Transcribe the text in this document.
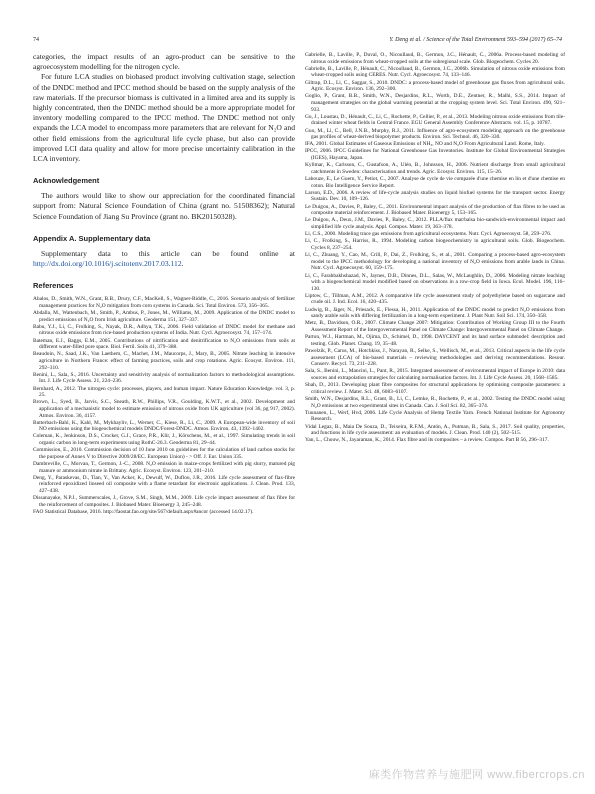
74	Y. Deng et al. / Science of the Total Environment 593–594 (2017) 65–74

categories, the impact results of an agro-product can be sensitive to the agroecosystem modelling for the nitrogen cycle.

For future LCA studies on biobased product involving cultivation stage, selection of the DNDC method and IPCC method should be based on the supply analysis of the raw materials. If the precursor biomass is cultivated in a limited area and its supply is highly concentrated, then the DNDC method should be a more appropriate model for inventory modelling compared to the IPCC method. The DNDC method not only expands the LCA model to encompass more parameters that are relevant for N₂O and other field emissions from the agricultural life cycle phase, but also can provide improved LCI data quality and allow for more precise uncertainty calibration in the LCA inventory.

Acknowledgement

The authors would like to show our appreciation for the coordinated financial support from: Natural Science Foundation of China (grant no. 51508362); Natural Science Foundation of Jiang Su Province (grant no. BK20150328).

Appendix A. Supplementary data

Supplementary data to this article can be found online at http://dx.doi.org/10.1016/j.scitotenv.2017.03.112.

References

Abalos, D., Smith, W.N., Grant, B.B., Drury, C.F., MacKell, S., Wagner-Riddle, C., 2016. Scenario analysis of fertilizer management practices for N₂O mitigation from corn systems in Canada. Sci. Total Environ. 573, 356–365.

Abdalla, M., Wattenbach, M., Smith, P., Ambus, P., Jones, M., Williams, M., 2009. Application of the DNDC model to predict emissions of N₂O from Irish agriculture. Geoderma 151, 327–337.

Babu, Y.J., Li, C., Frolking, S., Nayak, D.R., Adhya, T.K., 2006. Field validation of DNDC model for methane and nitrous oxide emissions from rice-based production systems of India. Nutr. Cycl. Agroecosyst. 74, 157–174.

Bateman, E.J., Baggs, E.M., 2005. Contributions of nitrification and denitrification to N₂O emissions from soils at different water-filled pore space. Biol. Fertil. Soils 41, 379–388.

Beaudoin, N., Saad, J.K., Van Laethem, C., Machet, J.M., Maucorps, J., Mary, B., 2005. Nitrate leaching in intensive agriculture in Northern France: effect of farming practices, soils and crop rotations. Agric. Ecosyst. Environ. 111, 292–310.

Benini, L., Sala, S., 2016. Uncertainty and sensitivity analysis of normalization factors to methodological assumptions. Int. J. Life Cycle Assess. 21, 224–236.

Bernhard, A., 2012. The nitrogen cycle: processes, players, and human impact. Nature Education Knowledge. vol. 3, p. 25.

Brown, L., Syed, B., Jarvis, S.C., Sneath, R.W., Phillips, V.R., Goulding, K.W.T., et al., 2002. Development and application of a mechanistic model to estimate emission of nitrous oxide from UK agriculture (vol 36, pg 917, 2002). Atmos. Environ. 36, 4157.

Butterbach-Bahl, K., Kahl, M., Mykhayliv, L., Werner, C., Kiese, R., Li, C., 2009. A European-wide inventory of soil NO emissions using the biogeochemical models DNDC/Forest-DNDC. Atmos. Environ. 43, 1392–1402.

Coleman, K., Jenkinson, D.S., Crocker, G.J., Grace, P.R., Klír, J., Körschens, M., et al., 1997. Simulating trends in soil organic carbon in long-term experiments using RothC-26.3. Geoderma 81, 29–44.

Commission, E., 2010. Commission decision of 10 June 2010 on guidelines for the calculation of land carbon stocks for the purpose of Annex V to Directive 2009/28/EC. European Union) - > Off. J. Eur. Union 335.

Dambreville, C., Morvan, T., Germon, J.-C., 2008. N₂O emission in maize-crops fertilized with pig slurry, matured pig manure or ammonium nitrate in Brittany. Agric. Ecosyst. Environ. 123, 201–210.

Deng, Y., Paraskevas, D., Tian, Y., Van Acker, K., Dewulf, W., Duflou, J.R., 2016. Life cycle assessment of flax-fibre reinforced epoxidized linseed oil composite with a flame retardant for electronic applications. J. Clean. Prod. 133, 427–438.

Dissanayake, N.P.J., Summerscales, J., Grove, S.M., Singh, M.M., 2009. Life cycle impact assessment of flax fibre for the reinforcement of composites. J. Biobased Mater. Bioenergy 3, 245–248.

FAO Statistical Database, 2016. http://faostat.fao.org/site/567/default.aspx#ancor (accessed 14.02.17).

Gabrielle, B., Laville, P., Duval, O., Nicoullaud, B., Germon, J.C., Hénault, C., 2006a. Process-based modeling of nitrous oxide emissions from wheat-cropped soils at the subregional scale. Glob. Biogeochem. Cycles 20.

Gabrielle, B., Laville, P., Hénault, C., Nicoullaud, B., Germon, J.C., 2006b. Simulation of nitrous oxide emissions from wheat-cropped soils using CERES. Nutr. Cycl. Agroecosyst. 74, 133–146.

Giltrap, D.L., Li, C., Saggar, S., 2010. DNDC: a process-based model of greenhouse gas fluxes from agricultural soils. Agric. Ecosyst. Environ. 136, 292–300.

Goglio, P., Grant, B.B., Smith, W.N., Desjardins, R.L., Worth, D.E., Zentner, R., Malhi, S.S., 2014. Impact of management strategies on the global warming potential at the cropping system level. Sci. Total Environ. 490, 921–933.

Gu, J., Loustau, D., Hénault, C., Li, C., Rochette, P., Cellier, P., et al., 2013. Modeling nitrous oxide emissions from tile-drained winter wheat fields in Central France. EGU General Assembly Conference Abstracts. vol. 15, p. 10787.

Guo, M., Li, C., Bell, J.N.B., Murphy, R.J., 2011. Influence of agro-ecosystem modeling approach on the greenhouse gas profiles of wheat-derived biopolymer products. Environ. Sci. Technol. 46, 320–330.

IFA, 2001. Global Estimates of Gaseous Emissions of NH₃, NO and N₂O From Agricultural Land. Rome, Italy.

IPCC, 2006. IPCC Guidelines for National Greenhouse Gas Inventories. Institute for Global Environmental Strategies (IGES), Hayama, Japan.

Kyllmar, K., Carlsson, C., Gustafson, A., Ulén, B., Johnsson, H., 2006. Nutrient discharge from small agricultural catchments in Sweden: characterisation and trends. Agric. Ecosyst. Environ. 115, 15–26.

Labouze, E., Le Guern, Y., Petiot, C., 2007. Analyse de cycle de vie comparée d'une chemise en lin et d'une chemise en coton. Bio Intelligence Service Report.

Larson, E.D., 2006. A review of life-cycle analysis studies on liquid biofuel systems for the transport sector. Energy Sustain. Dev. 10, 109–126.

Le Duigou, A., Davies, P., Baley, C., 2011. Environmental impact analysis of the production of flax fibres to be used as composite material reinforcement. J. Biobased Mater. Bioenergy 5, 153–165.

Le Duigou, A., Deux, J.M., Davies, P., Baley, C., 2012. PLLA/flax mat/balsa bio-sandwich-environmental impact and simplified life cycle analysis. Appl. Compos. Mater. 19, 363–378.

Li, C.S., 2000. Modeling trace gas emissions from agricultural ecosystems. Nutr. Cycl. Agroecosyst. 58, 259–276.

Li, C., Frolking, S., Harriss, R., 1994. Modeling carbon biogeochemistry in agricultural soils. Glob. Biogeochem. Cycles 8, 237–254.

Li, C., Zhuang, Y., Cao, M., Crill, P., Dai, Z., Frolking, S., et al., 2001. Comparing a process-based agro-ecosystem model to the IPCC methodology for developing a national inventory of N₂O emissions from arable lands in China. Nutr. Cycl. Agroecosyst. 60, 159–175.

Li, C., Farahbakhshazad, N., Jaynes, D.B., Dinnes, D.L., Salas, W., McLaughlin, D., 2006. Modeling nitrate leaching with a biogeochemical model modified based on observations in a row-crop field in Iowa. Ecol. Model. 196, 116–130.

Liptow, C., Tillman, A.M., 2012. A comparative life cycle assessment study of polyethylene based on sugarcane and crude oil. J. Ind. Ecol. 16, 420–435.

Ludwig, B., Jäger, N., Priesack, E., Flessa, H., 2011. Application of the DNDC model to predict N₂O emissions from sandy arable soils with differing fertilization in a long-term experiment. J. Plant Nutr. Soil Sci. 174, 350–358.

Metz, B., Davidson, O.R., 2007. Climate Change 2007: Mitigation: Contribution of Working Group III to the Fourth Assessment Report of the Intergovernmental Panel on Climate Change: Intergovernmental Panel on Climate Change.

Parton, W.J., Hartman, M., Ojima, D., Schimel, D., 1998. DAYCENT and its land surface submodel: description and testing. Glob. Planet. Chang. 19, 35–48.

Pawelzik, P., Carus, M., Hotchkiss, J., Narayan, R., Selke, S., Wellisch, M., et al., 2013. Critical aspects in the life cycle assessment (LCA) of bio-based materials – reviewing methodologies and deriving recommendations. Resour. Conserv. Recycl. 73, 211–228.

Sala, S., Benini, L., Mancini, L., Pant, R., 2015. Integrated assessment of environmental impact of Europe in 2010: data sources and extrapolation strategies for calculating normalisation factors. Int. J. Life Cycle Assess. 20, 1568–1585.

Shah, D., 2013. Developing plant fibre composites for structural applications by optimising composite parameters: a critical review. J. Mater. Sci. 48, 6083–6107.

Smith, W.N., Desjardins, R.L., Grant, B., Li, C., Lemke, R., Rochette, P., et al., 2002. Testing the DNDC model using N₂O emissions at two experimental sites in Canada. Can. J. Soil Sci. 82, 365–374.

Tuunanen, L., Werf, Hvd, 2006. Life Cycle Analysis of Hemp Textile Yarn. French National Institute for Agronomy Research.

Vidal Legaz, B., Maia De Souza, D., Teixeira, R.F.M., Antón, A., Putman, B., Sala, S., 2017. Soil quality, properties, and functions in life cycle assessment: an evaluation of models. J. Clean. Prod. 140 (2), 502–515.

Yan, L., Chouw, N., Jayaraman, K., 2014. Flax fibre and its composites – a review. Compos. Part B 56, 296–317.

麻类作物营养与施肥网 www.fibercrops.cn
